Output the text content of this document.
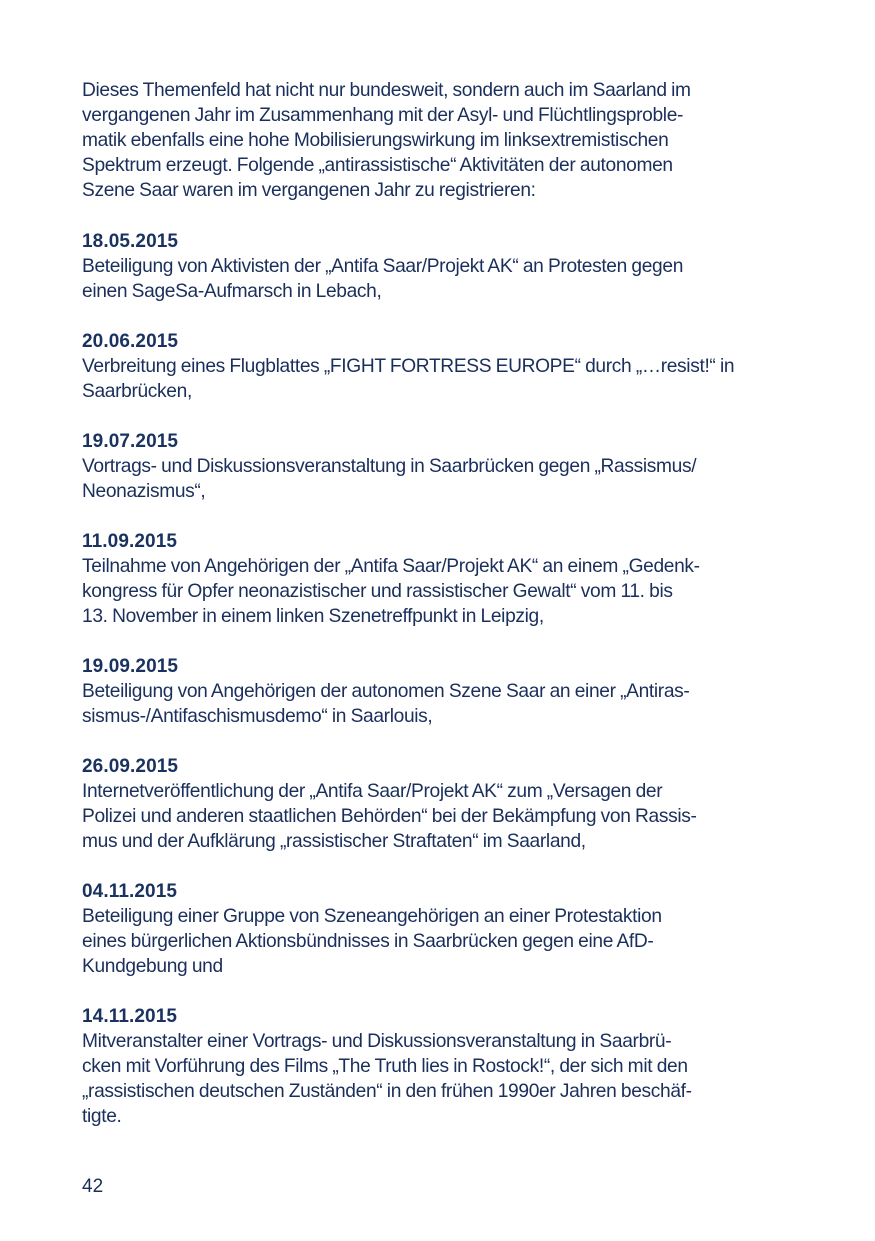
Dieses Themenfeld hat nicht nur bundesweit, sondern auch im Saarland im
vergangenen Jahr im Zusammenhang mit der Asyl- und Flüchtlingsproble-
matik ebenfalls eine hohe Mobilisierungswirkung im linksextremistischen
Spektrum erzeugt. Folgende „antirassistische“ Aktivitäten der autonomen
Szene Saar waren im vergangenen Jahr zu registrieren:

18.05.2015
Beteiligung von Aktivisten der „Antifa Saar/Projekt AK“ an Protesten gegen
einen SageSa-Aufmarsch in Lebach,
20.06.2015
Verbreitung eines Flugblattes „FIGHT FORTRESS EUROPE“ durch „…resist!“ in
Saarbrücken,
19.07.2015
Vortrags- und Diskussionsveranstaltung in Saarbrücken gegen „Rassismus/
Neonazismus“,
11.09.2015
Teilnahme von Angehörigen der „Antifa Saar/Projekt AK“ an einem „Gedenk-
kongress für Opfer neonazistischer und rassistischer Gewalt“ vom 11. bis
13. November in einem linken Szenetreffpunkt in Leipzig,
19.09.2015
Beteiligung von Angehörigen der autonomen Szene Saar an einer „Antiras-
sismus-/Antifaschismusdemo“ in Saarlouis,
26.09.2015
Internetveröffentlichung der „Antifa Saar/Projekt AK“ zum „Versagen der
Polizei und anderen staatlichen Behörden“ bei der Bekämpfung von Rassis-
mus und der Aufklärung „rassistischer Straftaten“ im Saarland,
04.11.2015
Beteiligung einer Gruppe von Szeneangehörigen an einer Protestaktion
eines bürgerlichen Aktionsbündnisses in Saarbrücken gegen eine AfD-
Kundgebung und
14.11.2015
Mitveranstalter einer Vortrags- und Diskussionsveranstaltung in Saarbrü-
cken mit Vorführung des Films „The Truth lies in Rostock!“, der sich mit den
„rassistischen deutschen Zuständen“ in den frühen 1990er Jahren beschäf-
tigte.
42
